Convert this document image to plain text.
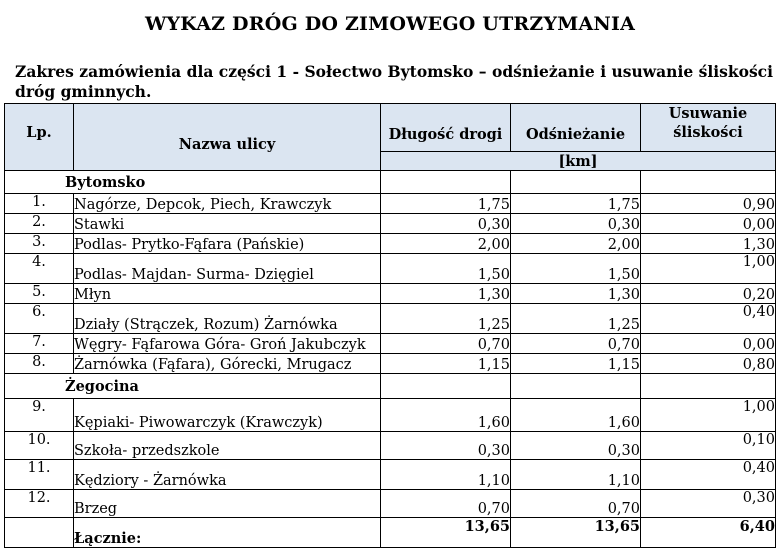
WYKAZ DRÓG DO ZIMOWEGO UTRZYMANIA
Zakres zamówienia dla części 1 - Sołectwo Bytomsko – odśnieżanie i usuwanie śliskości
dróg gminnych.
Lp.	Nazwa ulicy	Długość drogi	Odśnieżanie	Usuwanie
śliskości
		[km]		
Bytomsko				
1.	Nagórze, Depcok, Piech, Krawczyk	1,75	1,75	0,90
2.	Stawki	0,30	0,30	0,00
3.	Podlas- Prytko-Fąfara (Pańskie)	2,00	2,00	1,30
4.	Podlas- Majdan- Surma- Dzięgiel	1,50	1,50	1,00
5.	Młyn	1,30	1,30	0,20
6.	Działy (Strączek, Rozum) Żarnówka	1,25	1,25	0,40
7.	Węgry- Fąfarowa Góra- Groń Jakubczyk	0,70	0,70	0,00
8.	Żarnówka (Fąfara), Górecki, Mrugacz	1,15	1,15	0,80
Żegocina				
9.	Kępiaki- Piwowarczyk (Krawczyk)	1,60	1,60	1,00
10.	Szkoła- przedszkole	0,30	0,30	0,10
11.	Kędziory - Żarnówka	1,10	1,10	0,40
12.	Brzeg	0,70	0,70	0,30
	Łącznie:	13,65	13,65	6,40
